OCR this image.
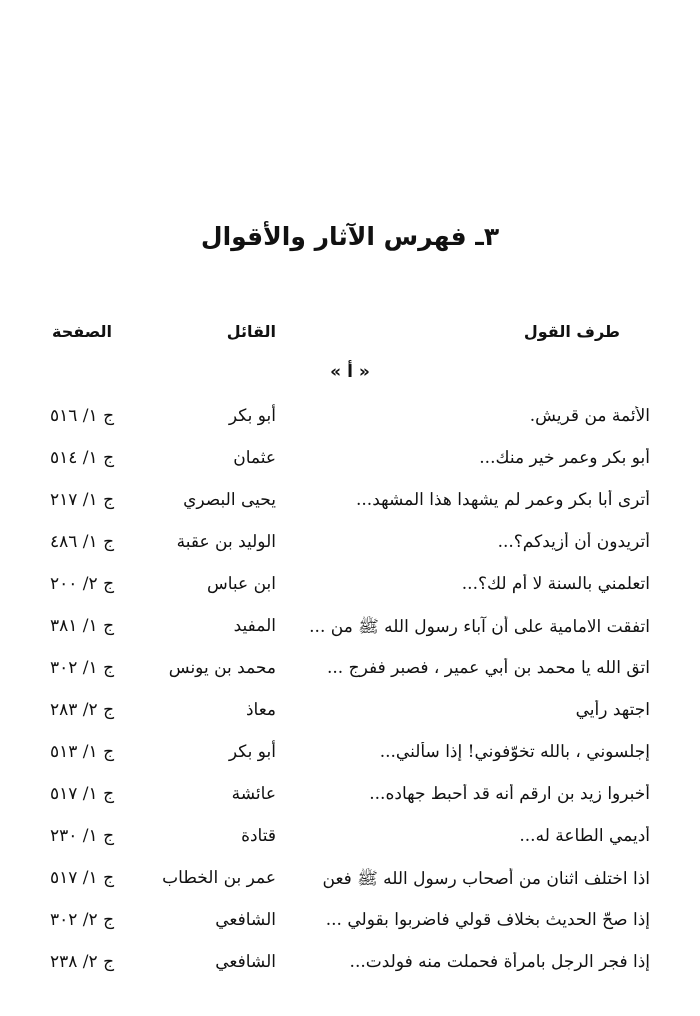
٣ـ فهرس الآثار والأقوال
طرف القول
القائل
الصفحة
« أ »
الأئمة من قريش.
أبو بكر
ج ١/ ٥١٦
أبو بكر وعمر خير منك...
عثمان
ج ١/ ٥١٤
أترى أبا بكر وعمر لم يشهدا هذا المشهد...
يحيى البصري
ج ١/ ٢١٧
أتريدون أن أزيدكم؟...
الوليد بن عقبة
ج ١/ ٤٨٦
اتعلمني بالسنة لا أُم لك؟...
ابن عباس
ج ٢/ ٢٠٠
اتفقت الامامية على أن آباء رسول الله ﷺ من ...
المفيد
ج ١/ ٣٨١
اتق الله يا محمد بن أبي عمير ، فصبر ففرج ...
محمد بن يونس
ج ١/ ٣٠٢
اجتهد رأيي
معاذ
ج ٢/ ٢٨٣
إجلسوني ، بالله تخوّفوني! إذا سألني...
أبو بكر
ج ١/ ٥١٣
أخبروا زيد بن ارقم أنه قد أحبط جهاده...
عائشة
ج ١/ ٥١٧
أديمي الطاعة له...
قتادة
ج ١/ ٢٣٠
اذا اختلف اثنان من أصحاب رسول الله ﷺ فعن
عمر بن الخطاب
ج ١/ ٥١٧
إذا صحّ الحديث بخلاف قولي فاضربوا بقولي ...
الشافعي
ج ٢/ ٣٠٢
إذا فجر الرجل بامرأة فحملت منه فولدت...
الشافعي
ج ٢/ ٢٣٨
